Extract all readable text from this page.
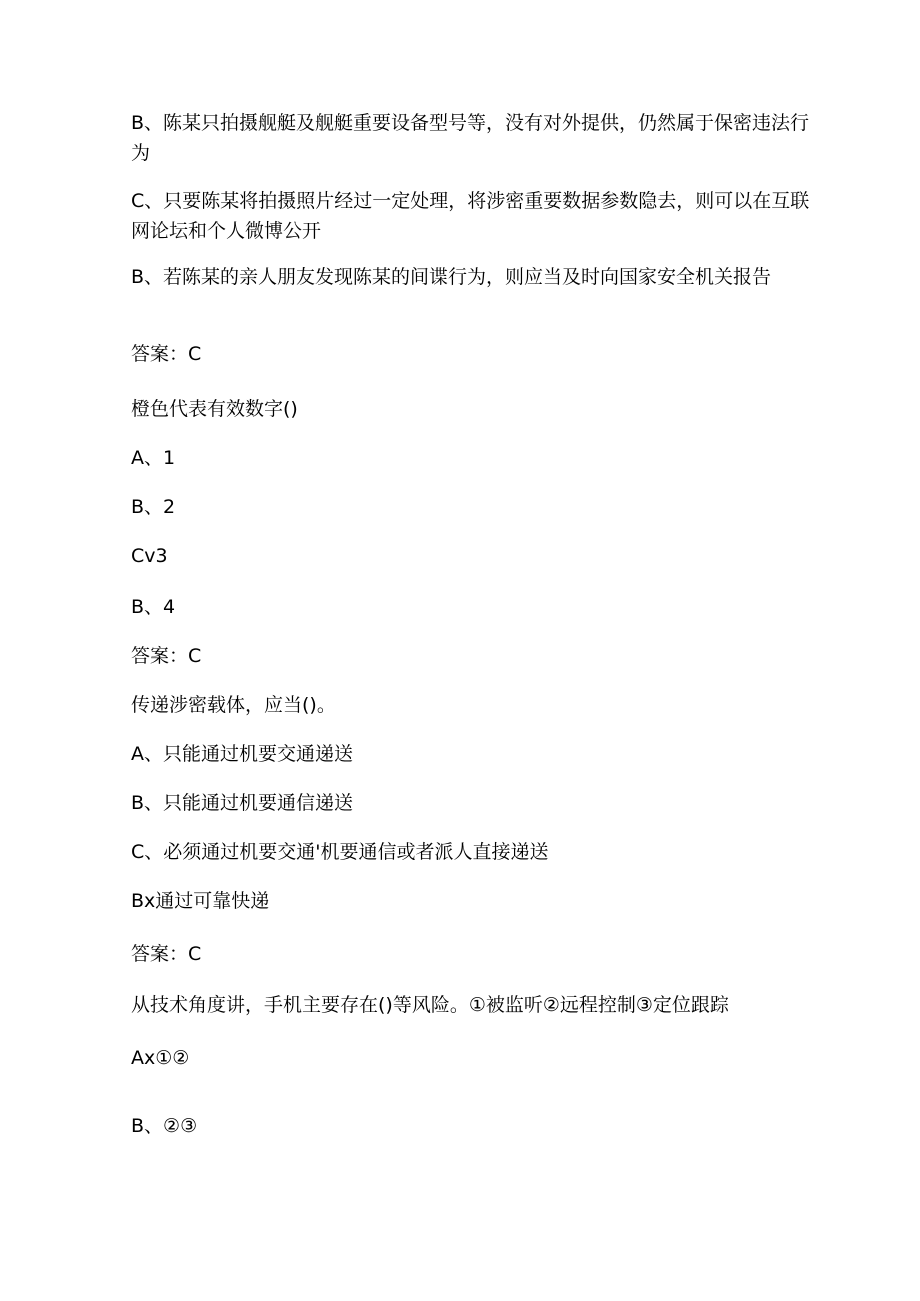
B、陈某只拍摄舰艇及舰艇重要设备型号等，没有对外提供，仍然属于保密违法行为
C、只要陈某将拍摄照片经过一定处理，将涉密重要数据参数隐去，则可以在互联网论坛和个人微博公开
B、若陈某的亲人朋友发现陈某的间谍行为，则应当及时向国家安全机关报告
答案：C
橙色代表有效数字()
A、1
B、2
Cv3
B、4
答案：C
传递涉密载体，应当()。
A、只能通过机要交通递送
B、只能通过机要通信递送
C、必须通过机要交通'机要通信或者派人直接递送
Bx通过可靠快递
答案：C
从技术角度讲，手机主要存在()等风险。①被监听②远程控制③定位跟踪
Ax①②
B、②③
